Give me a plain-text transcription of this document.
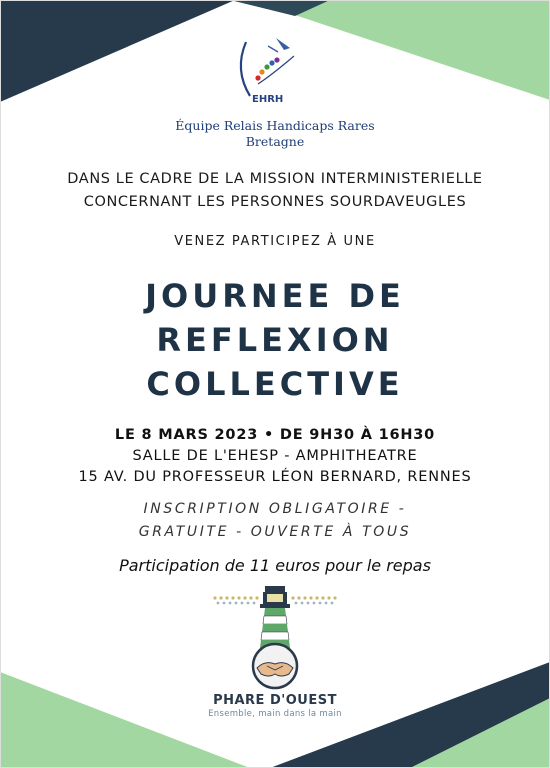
EHRH
Équipe Relais Handicaps Rares
Bretagne
DANS LE CADRE DE LA MISSION INTERMINISTERIELLE
CONCERNANT LES PERSONNES SOURDAVEUGLES
VENEZ PARTICIPEZ À UNE
JOURNEE DE
REFLEXION
COLLECTIVE
LE 8 MARS 2023 • DE 9H30 À 16H30
SALLE DE L'EHESP - AMPHITHEATRE
15 AV. DU PROFESSEUR LÉON BERNARD, RENNES
INSCRIPTION OBLIGATOIRE -
GRATUITE - OUVERTE À TOUS
Participation de 11 euros pour le repas
PHARE D'OUEST
Ensemble, main dans la main
